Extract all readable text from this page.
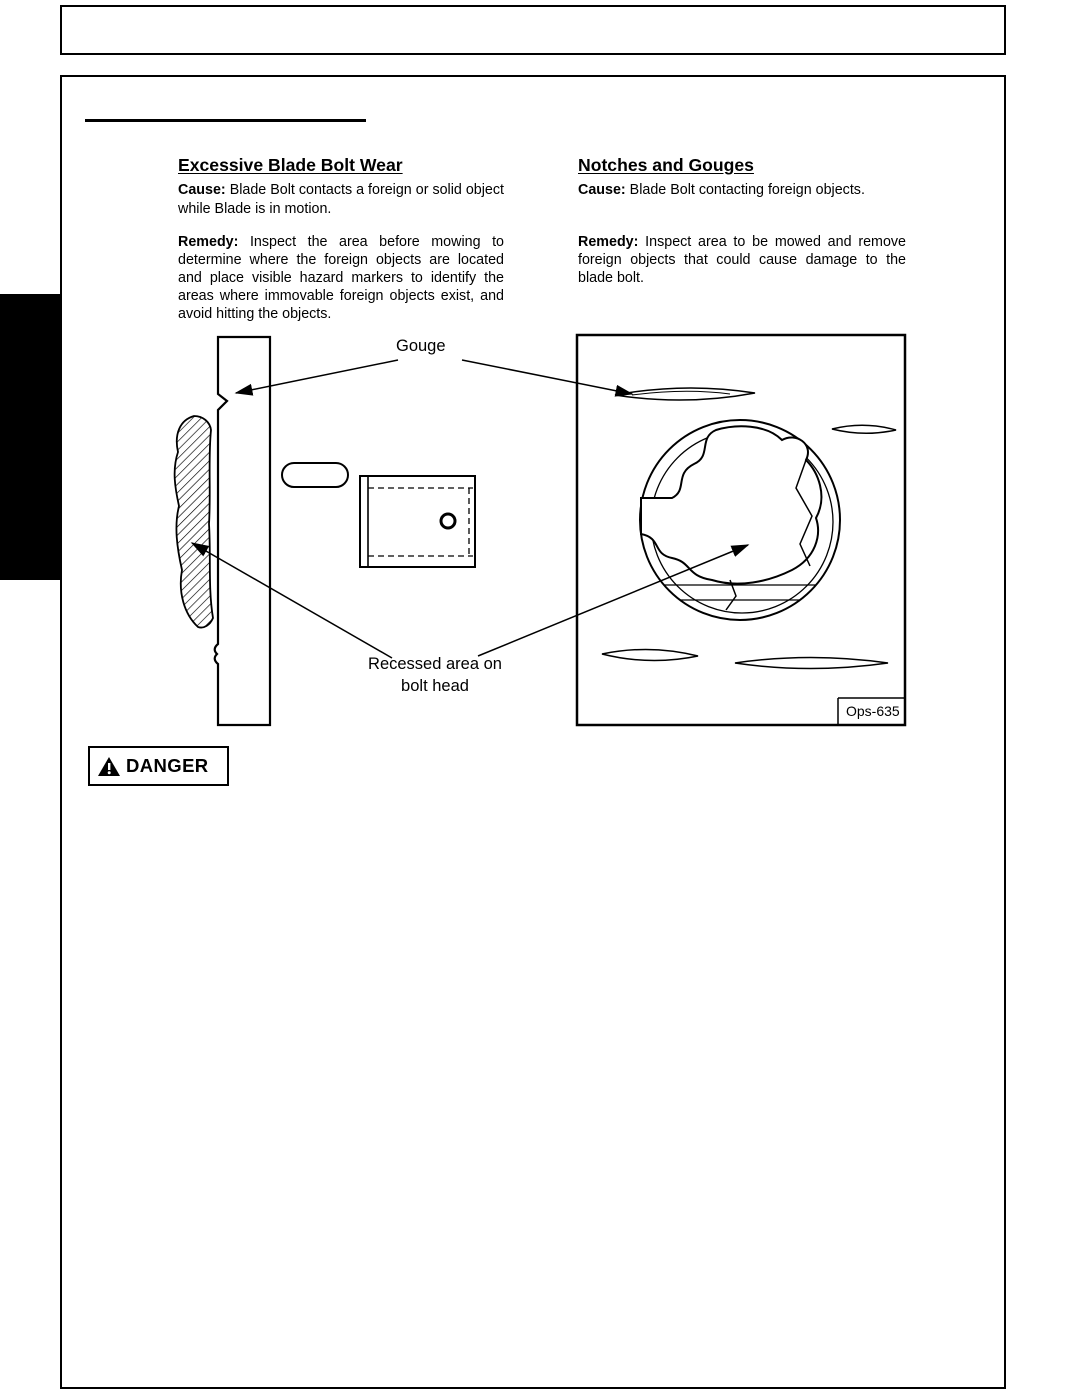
Excessive Blade Bolt Wear

Cause: Blade Bolt contacts a foreign or solid object while Blade is in motion.

Remedy: Inspect the area before mowing to determine where the foreign objects are located and place visible hazard markers to identify the areas where immovable foreign objects exist, and avoid hitting the objects.

Notches and Gouges

Cause: Blade Bolt contacting foreign objects.

Remedy: Inspect area to be mowed and remove foreign objects that could cause damage to the blade bolt.

Gouge
Recessed area on
bolt head
Ops-635
DANGER
